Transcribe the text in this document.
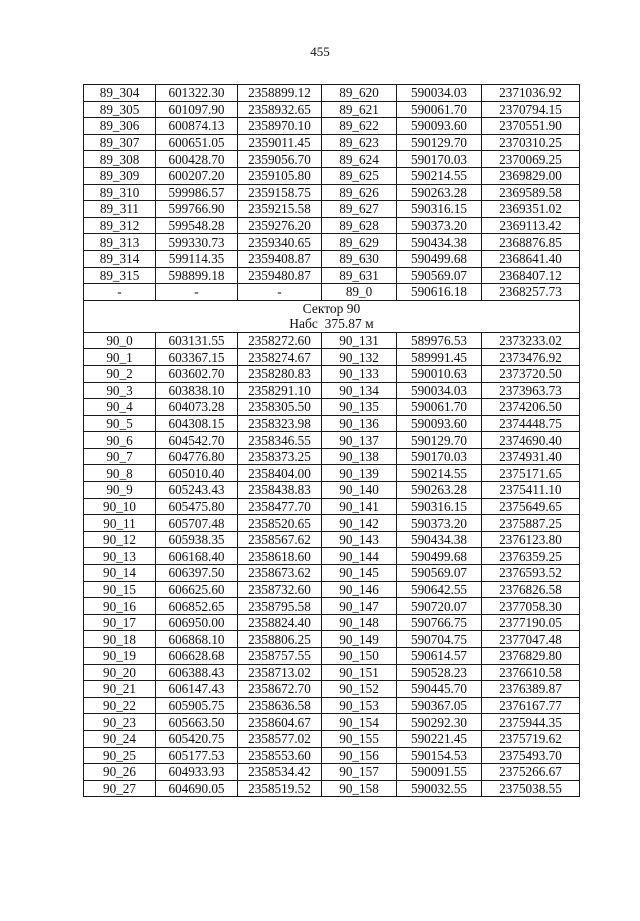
455
89_304	601322.30	2358899.12	89_620	590034.03	2371036.92
89_305	601097.90	2358932.65	89_621	590061.70	2370794.15
89_306	600874.13	2358970.10	89_622	590093.60	2370551.90
89_307	600651.05	2359011.45	89_623	590129.70	2370310.25
89_308	600428.70	2359056.70	89_624	590170.03	2370069.25
89_309	600207.20	2359105.80	89_625	590214.55	2369829.00
89_310	599986.57	2359158.75	89_626	590263.28	2369589.58
89_311	599766.90	2359215.58	89_627	590316.15	2369351.02
89_312	599548.28	2359276.20	89_628	590373.20	2369113.42
89_313	599330.73	2359340.65	89_629	590434.38	2368876.85
89_314	599114.35	2359408.87	89_630	590499.68	2368641.40
89_315	598899.18	2359480.87	89_631	590569.07	2368407.12
-	-	-	89_0	590616.18	2368257.73

Сектор 90
Набс  375.87 м					

90_0	603131.55	2358272.60	90_131	589976.53	2373233.02
90_1	603367.15	2358274.67	90_132	589991.45	2373476.92
90_2	603602.70	2358280.83	90_133	590010.63	2373720.50
90_3	603838.10	2358291.10	90_134	590034.03	2373963.73
90_4	604073.28	2358305.50	90_135	590061.70	2374206.50
90_5	604308.15	2358323.98	90_136	590093.60	2374448.75
90_6	604542.70	2358346.55	90_137	590129.70	2374690.40
90_7	604776.80	2358373.25	90_138	590170.03	2374931.40
90_8	605010.40	2358404.00	90_139	590214.55	2375171.65
90_9	605243.43	2358438.83	90_140	590263.28	2375411.10
90_10	605475.80	2358477.70	90_141	590316.15	2375649.65
90_11	605707.48	2358520.65	90_142	590373.20	2375887.25
90_12	605938.35	2358567.62	90_143	590434.38	2376123.80
90_13	606168.40	2358618.60	90_144	590499.68	2376359.25
90_14	606397.50	2358673.62	90_145	590569.07	2376593.52
90_15	606625.60	2358732.60	90_146	590642.55	2376826.58
90_16	606852.65	2358795.58	90_147	590720.07	2377058.30
90_17	606950.00	2358824.40	90_148	590766.75	2377190.05
90_18	606868.10	2358806.25	90_149	590704.75	2377047.48
90_19	606628.68	2358757.55	90_150	590614.57	2376829.80
90_20	606388.43	2358713.02	90_151	590528.23	2376610.58
90_21	606147.43	2358672.70	90_152	590445.70	2376389.87
90_22	605905.75	2358636.58	90_153	590367.05	2376167.77
90_23	605663.50	2358604.67	90_154	590292.30	2375944.35
90_24	605420.75	2358577.02	90_155	590221.45	2375719.62
90_25	605177.53	2358553.60	90_156	590154.53	2375493.70
90_26	604933.93	2358534.42	90_157	590091.55	2375266.67
90_27	604690.05	2358519.52	90_158	590032.55	2375038.55
